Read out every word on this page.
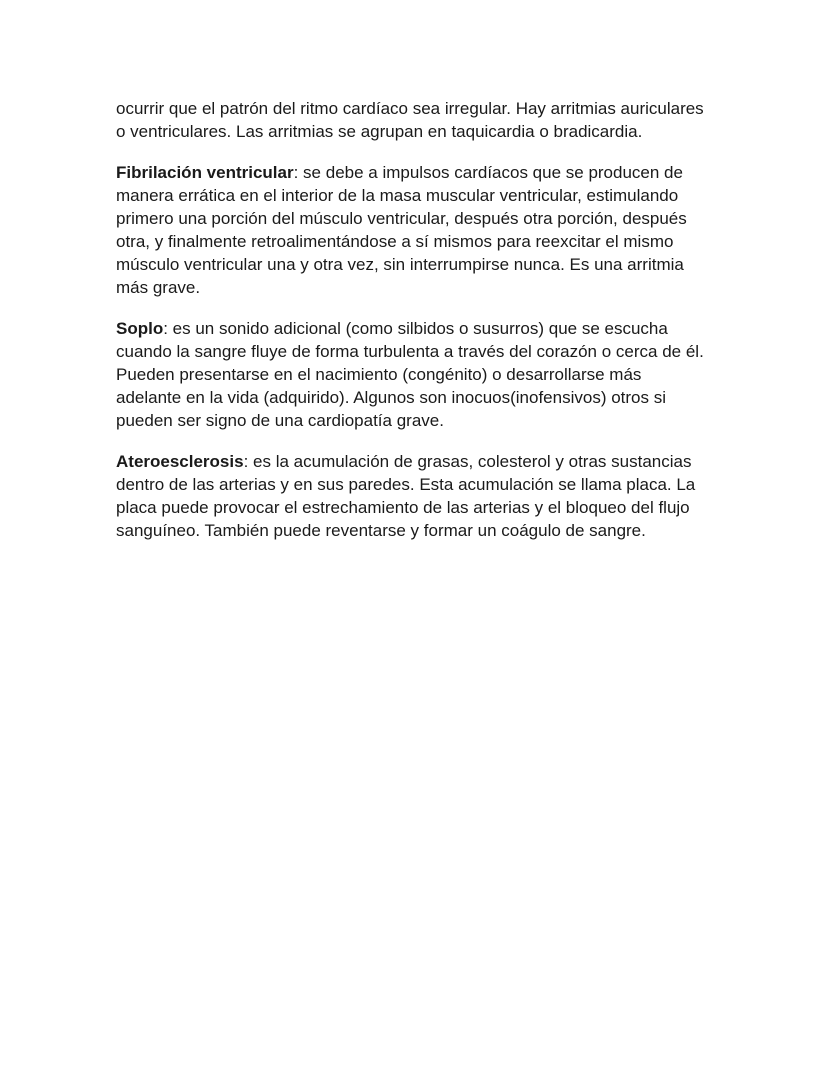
ocurrir que el patrón del ritmo cardíaco sea irregular. Hay arritmias auriculares o ventriculares. Las arritmias se agrupan en taquicardia o bradicardia.

Fibrilación ventricular: se debe a impulsos cardíacos que se producen de manera errática en el interior de la masa muscular ventricular, estimulando primero una porción del músculo ventricular, después otra porción, después otra, y finalmente retroalimentándose a sí mismos para reexcitar el mismo músculo ventricular una y otra vez, sin interrumpirse nunca. Es una arritmia más grave.

Soplo: es un sonido adicional (como silbidos o susurros) que se escucha cuando la sangre fluye de forma turbulenta a través del corazón o cerca de él. Pueden presentarse en el nacimiento (congénito) o desarrollarse más adelante en la vida (adquirido). Algunos son inocuos(inofensivos) otros si pueden ser signo de una cardiopatía grave.

Ateroesclerosis: es la acumulación de grasas, colesterol y otras sustancias dentro de las arterias y en sus paredes. Esta acumulación se llama placa. La placa puede provocar el estrechamiento de las arterias y el bloqueo del flujo sanguíneo. También puede reventarse y formar un coágulo de sangre.
